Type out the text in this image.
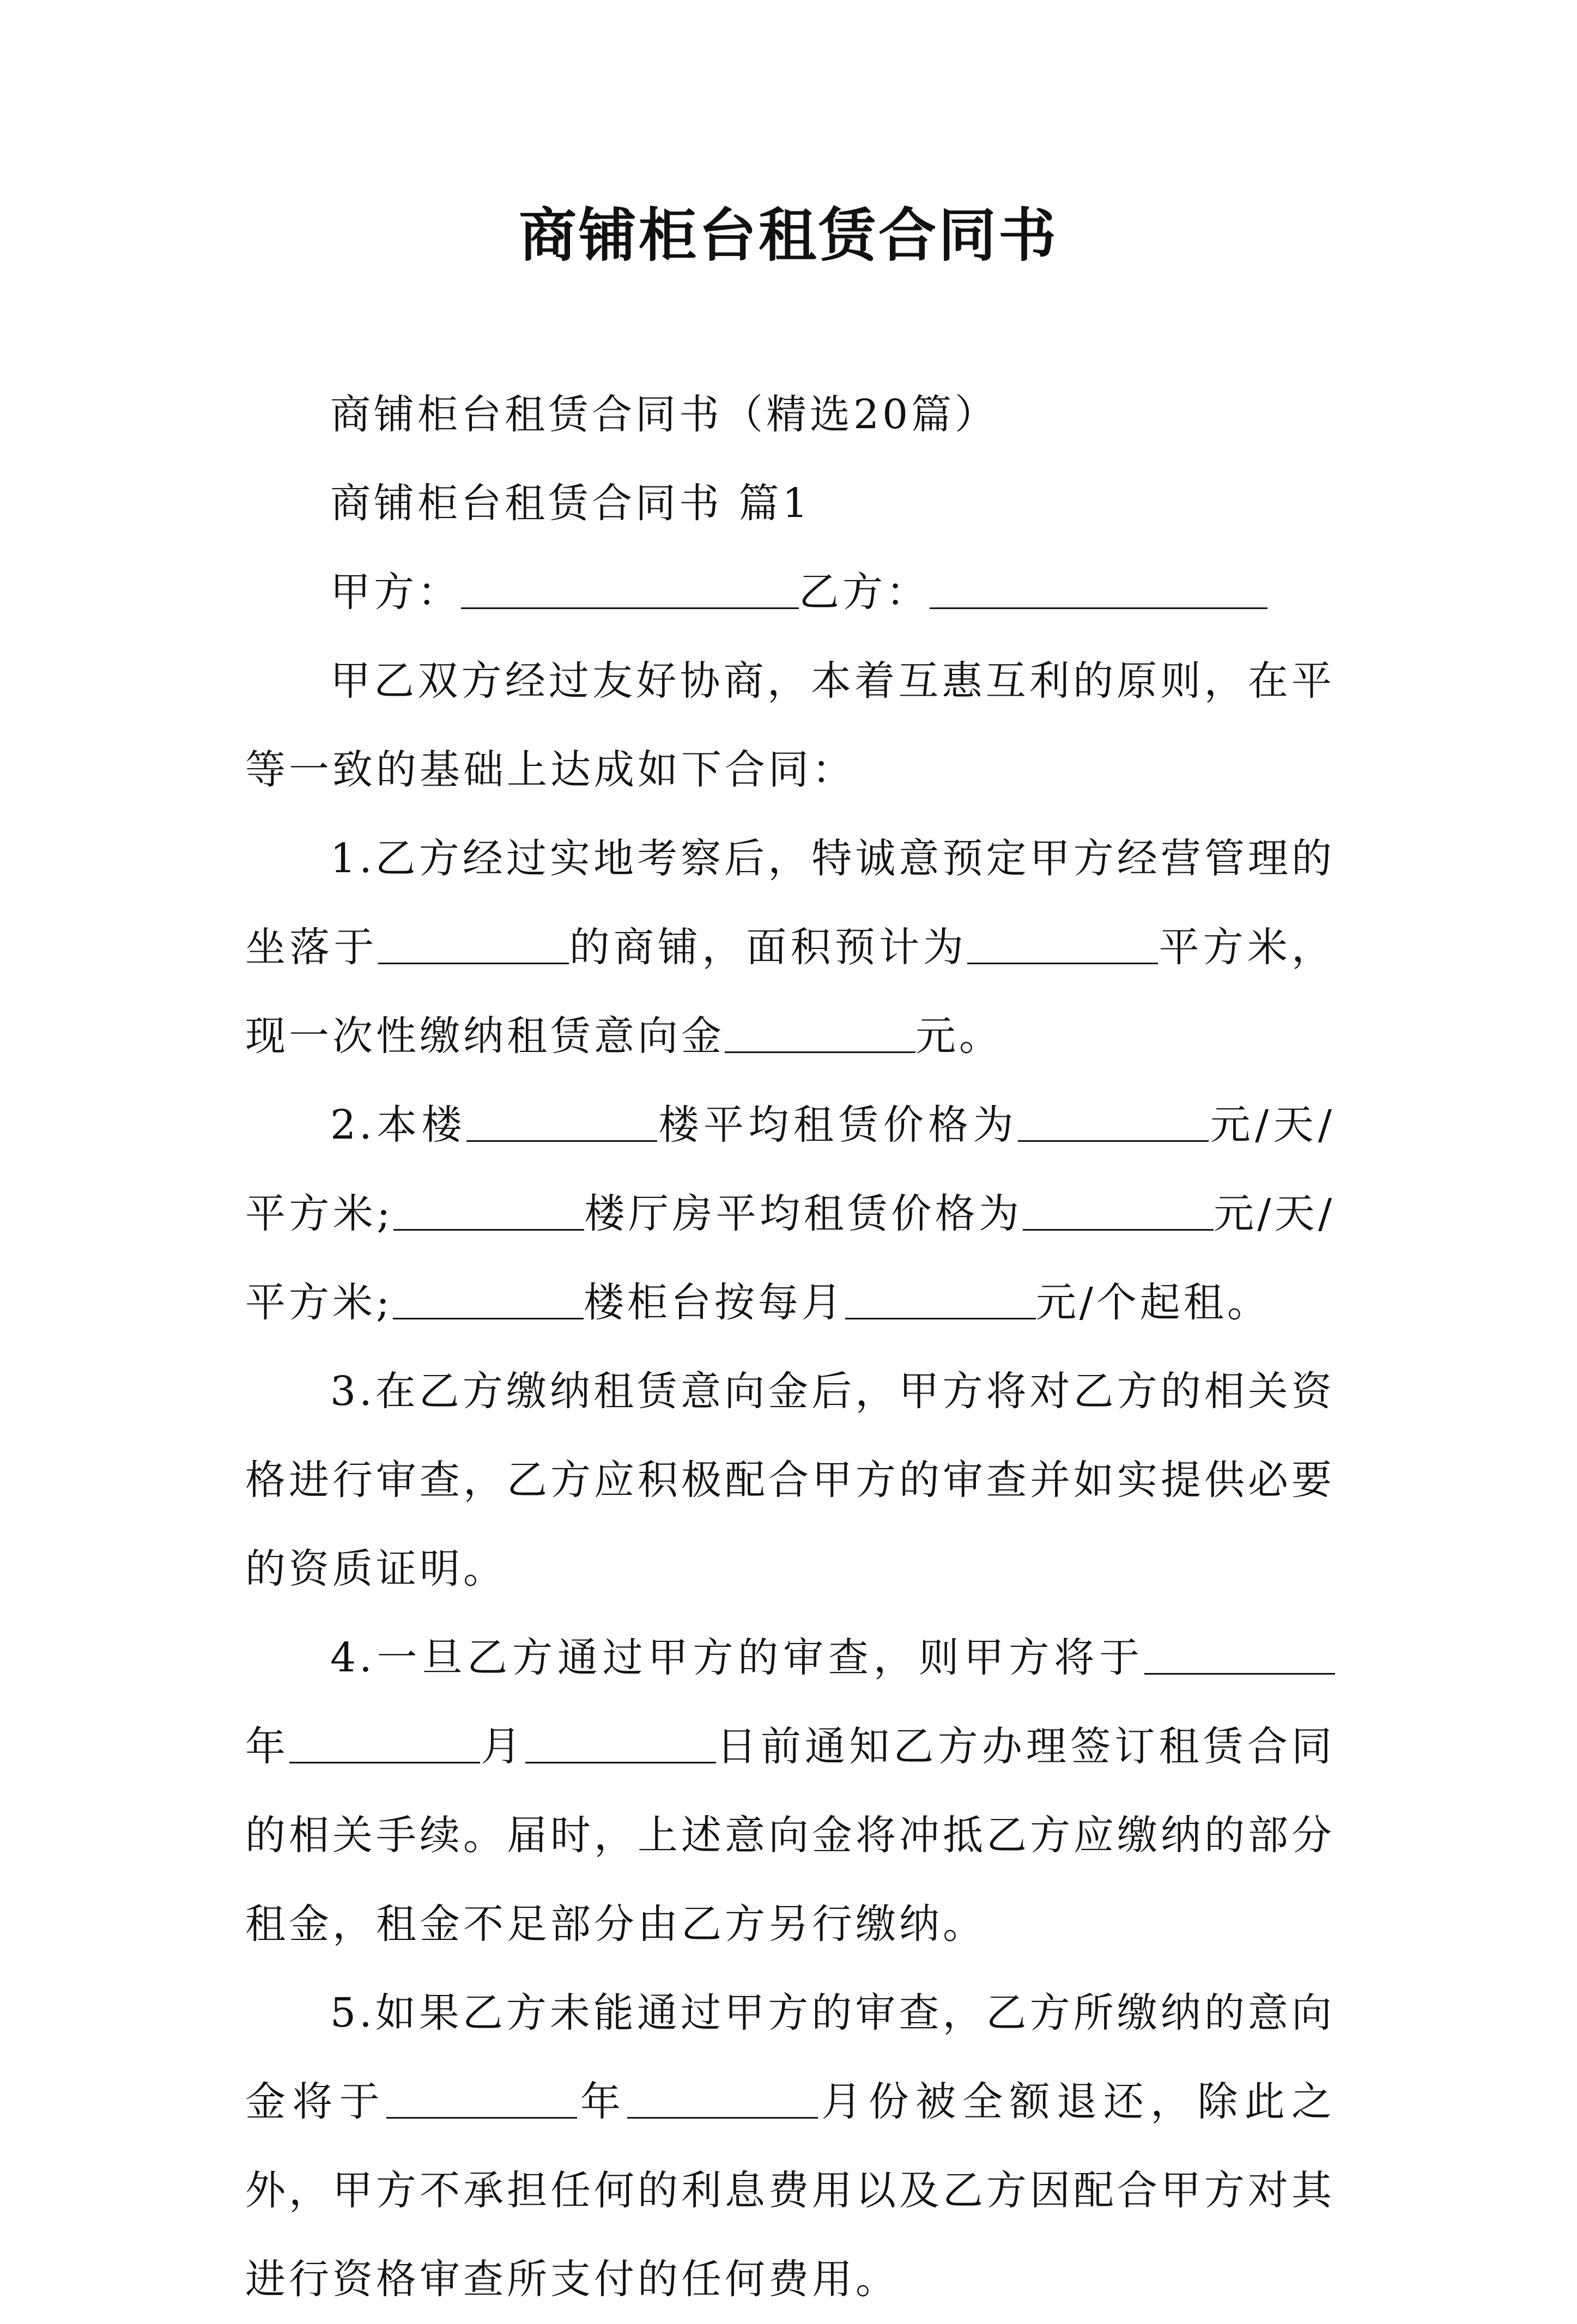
商铺柜台租赁合同书

商铺柜台租赁合同书（精选20篇）

商铺柜台租赁合同书 篇1

甲方：	乙方：

甲乙双方经过友好协商，本着互惠互利的原则，在平等一致的基础上达成如下合同：

1.乙方经过实地考察后，特诚意预定甲方经营管理的坐落于	的商铺，面积预计为	平方米，现一次性缴纳租赁意向金	元。

2.本楼	楼平均租赁价格为	元/天/平方米;	楼厅房平均租赁价格为	元/天/平方米;	楼柜台按每月	元/个起租。

3.在乙方缴纳租赁意向金后，甲方将对乙方的相关资格进行审查，乙方应积极配合甲方的审查并如实提供必要的资质证明。

4.一旦乙方通过甲方的审查，则甲方将于年	月	日前通知乙方办理签订租赁合同的相关手续。届时，上述意向金将冲抵乙方应缴纳的部分租金，租金不足部分由乙方另行缴纳。

5.如果乙方未能通过甲方的审查，乙方所缴纳的意向金将于	年	月份被全额退还，除此之外，甲方不承担任何的利息费用以及乙方因配合甲方对其进行资格审查所支付的任何费用。
